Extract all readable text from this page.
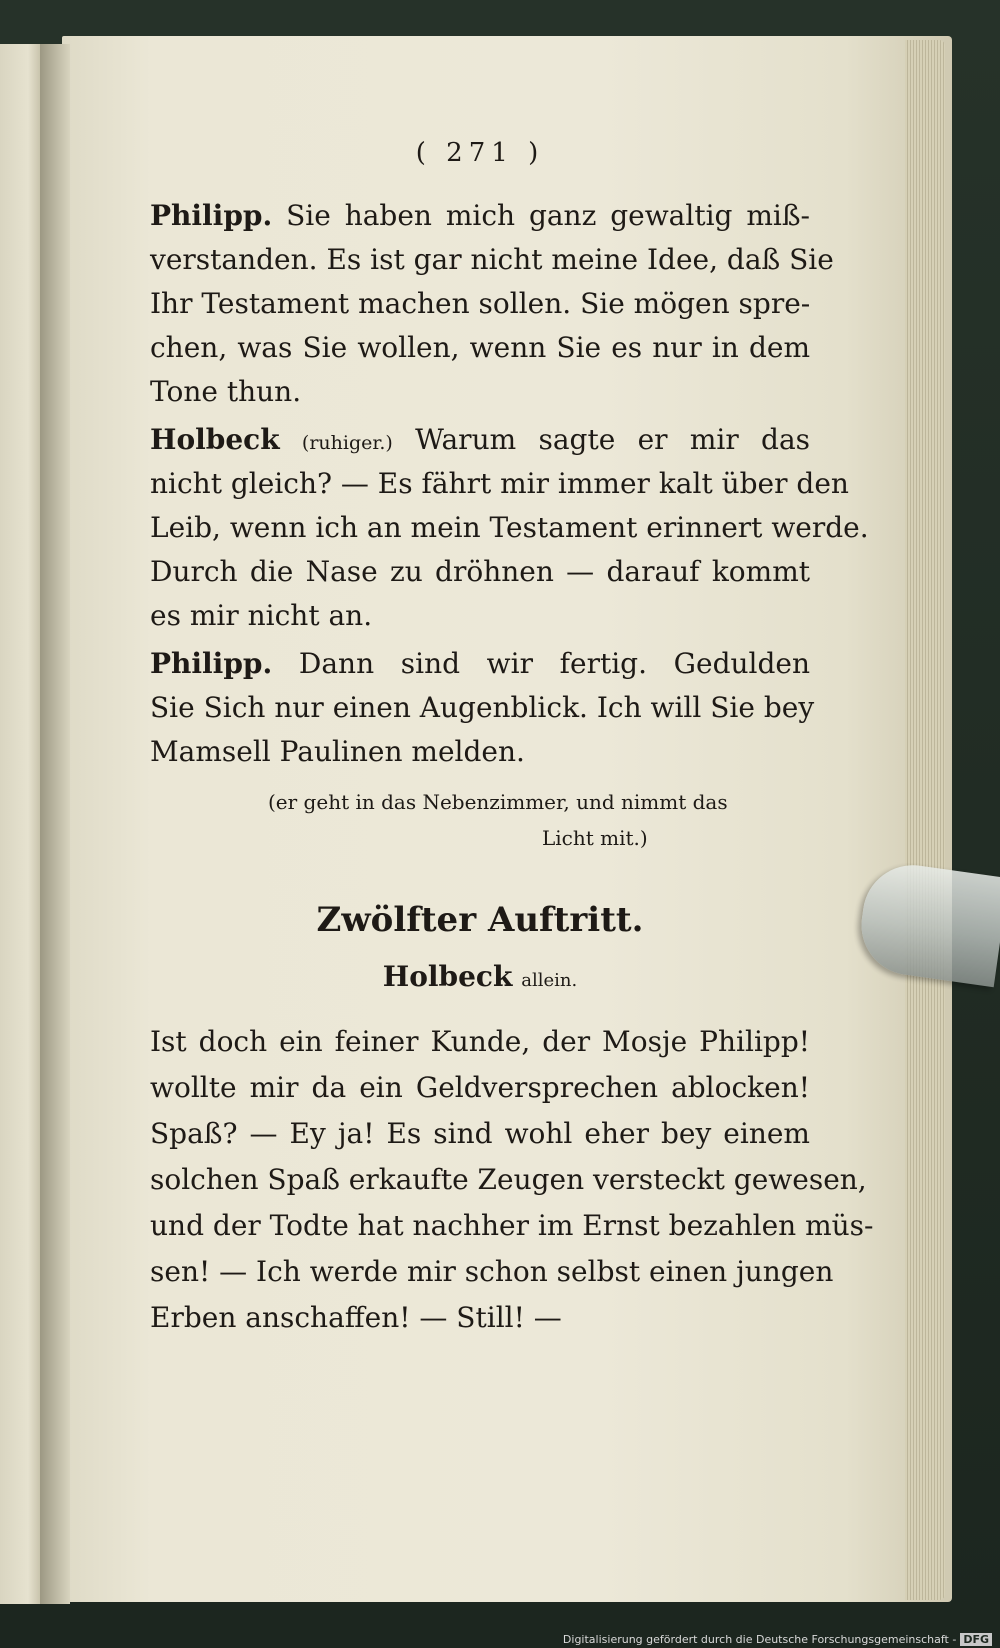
( 271 )
Philipp. Sie haben mich ganz gewaltig miß-
verstanden. Es ist gar nicht meine Idee, daß Sie
Ihr Testament machen sollen. Sie mögen spre-
chen, was Sie wollen, wenn Sie es nur in dem
Tone thun.
Holbeck (ruhiger.) Warum sagte er mir das
nicht gleich? — Es fährt mir immer kalt über den
Leib, wenn ich an mein Testament erinnert werde.
Durch die Nase zu dröhnen — darauf kommt
es mir nicht an.
Philipp. Dann sind wir fertig. Gedulden
Sie Sich nur einen Augenblick. Ich will Sie bey
Mamsell Paulinen melden.
(er geht in das Nebenzimmer, und nimmt das
Licht mit.)
Zwölfter Auftritt.
Holbeck allein.
Ist doch ein feiner Kunde, der Mosje Philipp!
wollte mir da ein Geldversprechen ablocken!
Spaß? — Ey ja! Es sind wohl eher bey einem
solchen Spaß erkaufte Zeugen versteckt gewesen,
und der Todte hat nachher im Ernst bezahlen müs-
sen! — Ich werde mir schon selbst einen jungen
Erben anschaffen! — Still! —
Digitalisierung gefördert durch die Deutsche Forschungsgemeinschaft - DFG
